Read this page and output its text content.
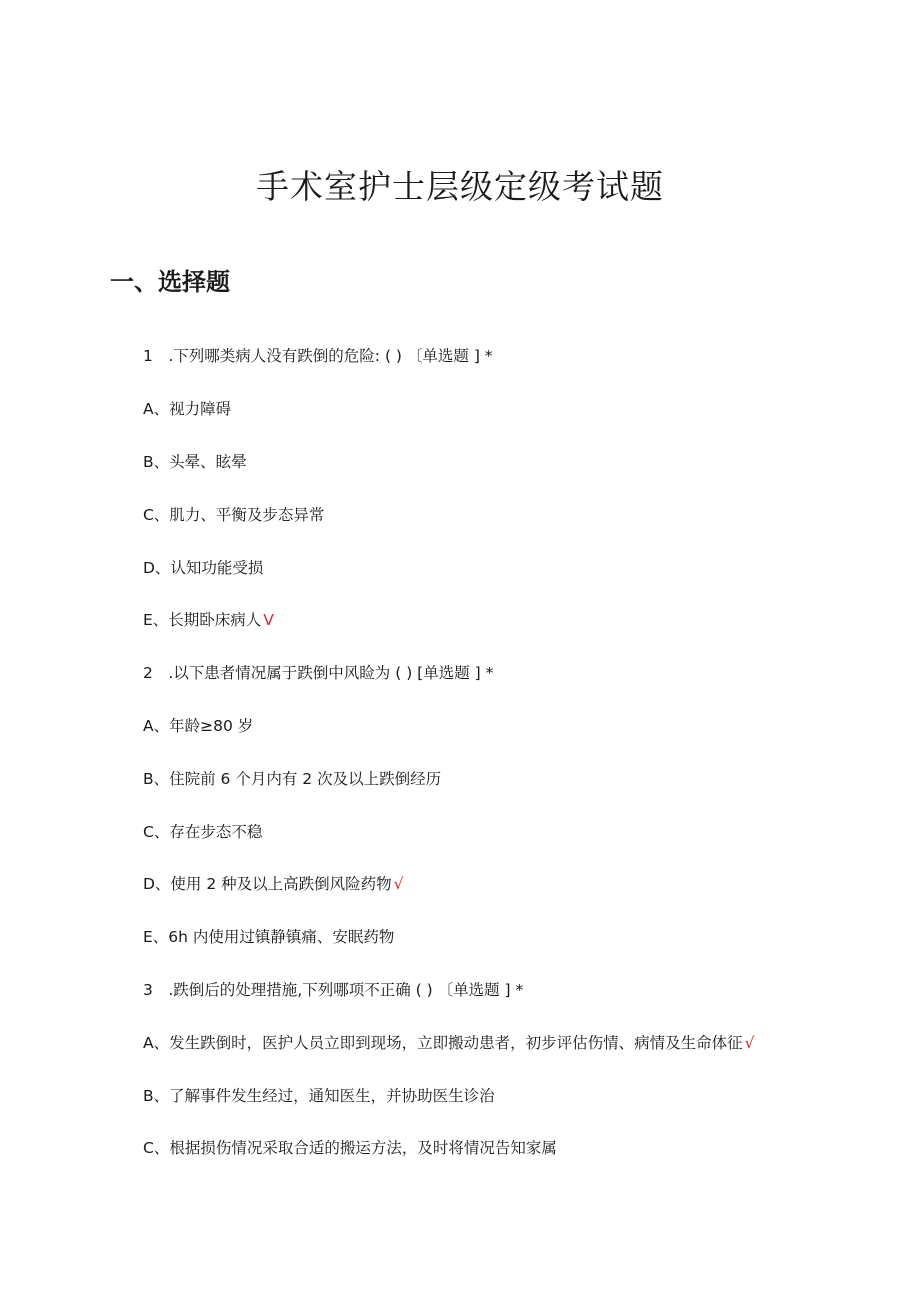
手术室护士层级定级考试题
一、选择题
1　.下列哪类病人没有跌倒的危险: ( ) 〔单选题 ] *
A、视力障碍
B、头晕、眩晕
C、肌力、平衡及步态异常
D、认知功能受损
E、长期卧床病人 V
2　.以下患者情况属于跌倒中风睑为 ( ) [单选题 ] *
A、年龄≥80 岁
B、住院前 6 个月内有 2 次及以上跌倒经历
C、存在步态不稳
D、使用 2 种及以上高跌倒风险药物 √
E、6h 内使用过镇静镇痛、安眠药物
3　.跌倒后的处理措施,下列哪项不正确 ( ) 〔单选题 ] *
A、发生跌倒时，医护人员立即到现场，立即搬动患者，初步评估伤情、病情及生命体征 √
B、了解事件发生经过，通知医生，并协助医生诊治
C、根据损伤情况采取合适的搬运方法，及时将情况告知家属
